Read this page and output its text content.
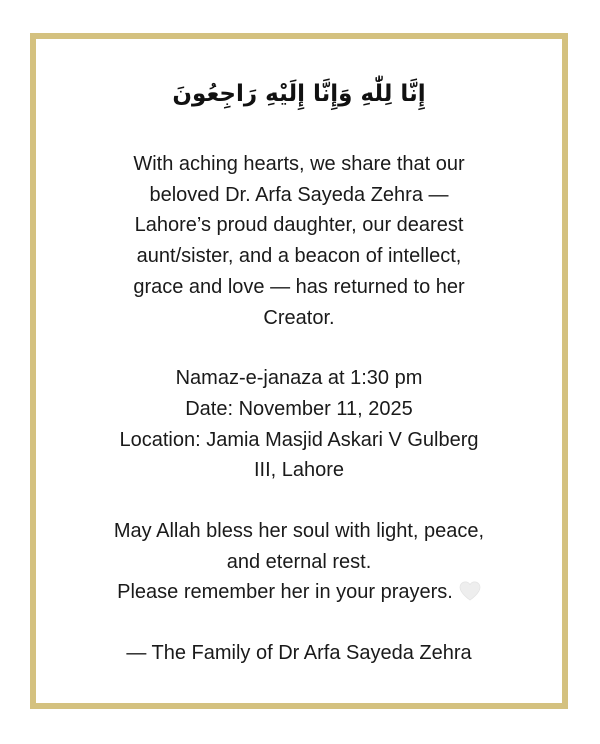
إِنَّا لِلّٰهِ وَإِنَّا إِلَيْهِ رَاجِعُونَ

With aching hearts, we share that our
beloved Dr. Arfa Sayeda Zehra —
Lahore’s proud daughter, our dearest
aunt/sister, and a beacon of intellect,
grace and love — has returned to her
Creator.

Namaz-e-janaza at 1:30 pm
Date: November 11, 2025
Location: Jamia Masjid Askari V Gulberg
III, Lahore

May Allah bless her soul with light, peace,
and eternal rest.
Please remember her in your prayers.

— The Family of Dr Arfa Sayeda Zehra
